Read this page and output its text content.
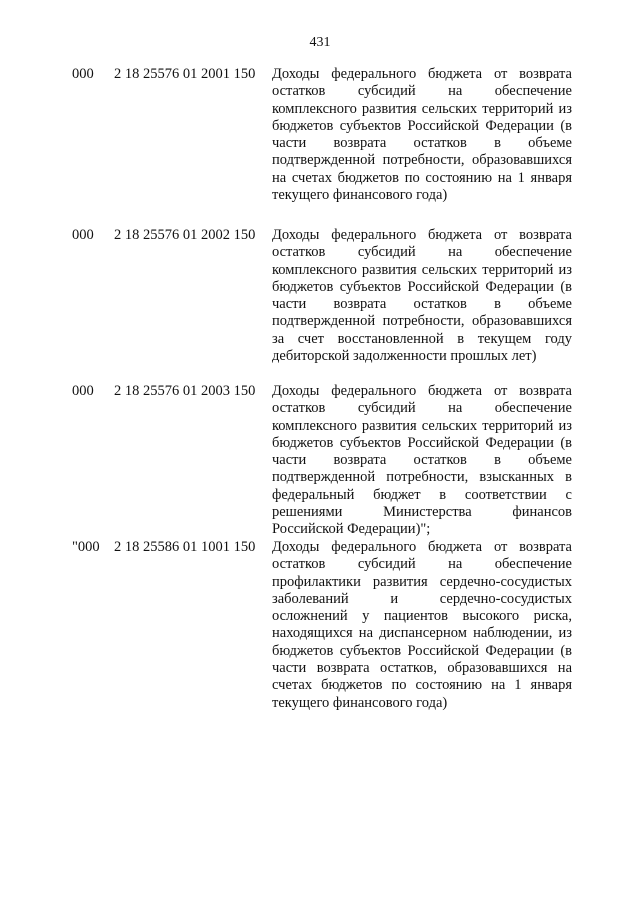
431
000 2 18 25576 01 2001 150 Доходы федерального бюджета от возврата остатков субсидий на обеспечение комплексного развития сельских территорий из бюджетов субъектов Российской Федерации (в части возврата остатков в объеме подтвержденной потребности, образовавшихся на счетах бюджетов по состоянию на 1 января текущего финансового года)
000 2 18 25576 01 2002 150 Доходы федерального бюджета от возврата остатков субсидий на обеспечение комплексного развития сельских территорий из бюджетов субъектов Российской Федерации (в части возврата остатков в объеме подтвержденной потребности, образовавшихся за счет восстановленной в текущем году дебиторской задолженности прошлых лет)
000 2 18 25576 01 2003 150 Доходы федерального бюджета от возврата остатков субсидий на обеспечение комплексного развития сельских территорий из бюджетов субъектов Российской Федерации (в части возврата остатков в объеме подтвержденной потребности, взысканных в федеральный бюджет в соответствии с решениями Министерства финансов Российской Федерации)";
"000 2 18 25586 01 1001 150 Доходы федерального бюджета от возврата остатков субсидий на обеспечение профилактики развития сердечно-сосудистых заболеваний и сердечно-сосудистых осложнений у пациентов высокого риска, находящихся на диспансерном наблюдении, из бюджетов субъектов Российской Федерации (в части возврата остатков, образовавшихся на счетах бюджетов по состоянию на 1 января текущего финансового года)
